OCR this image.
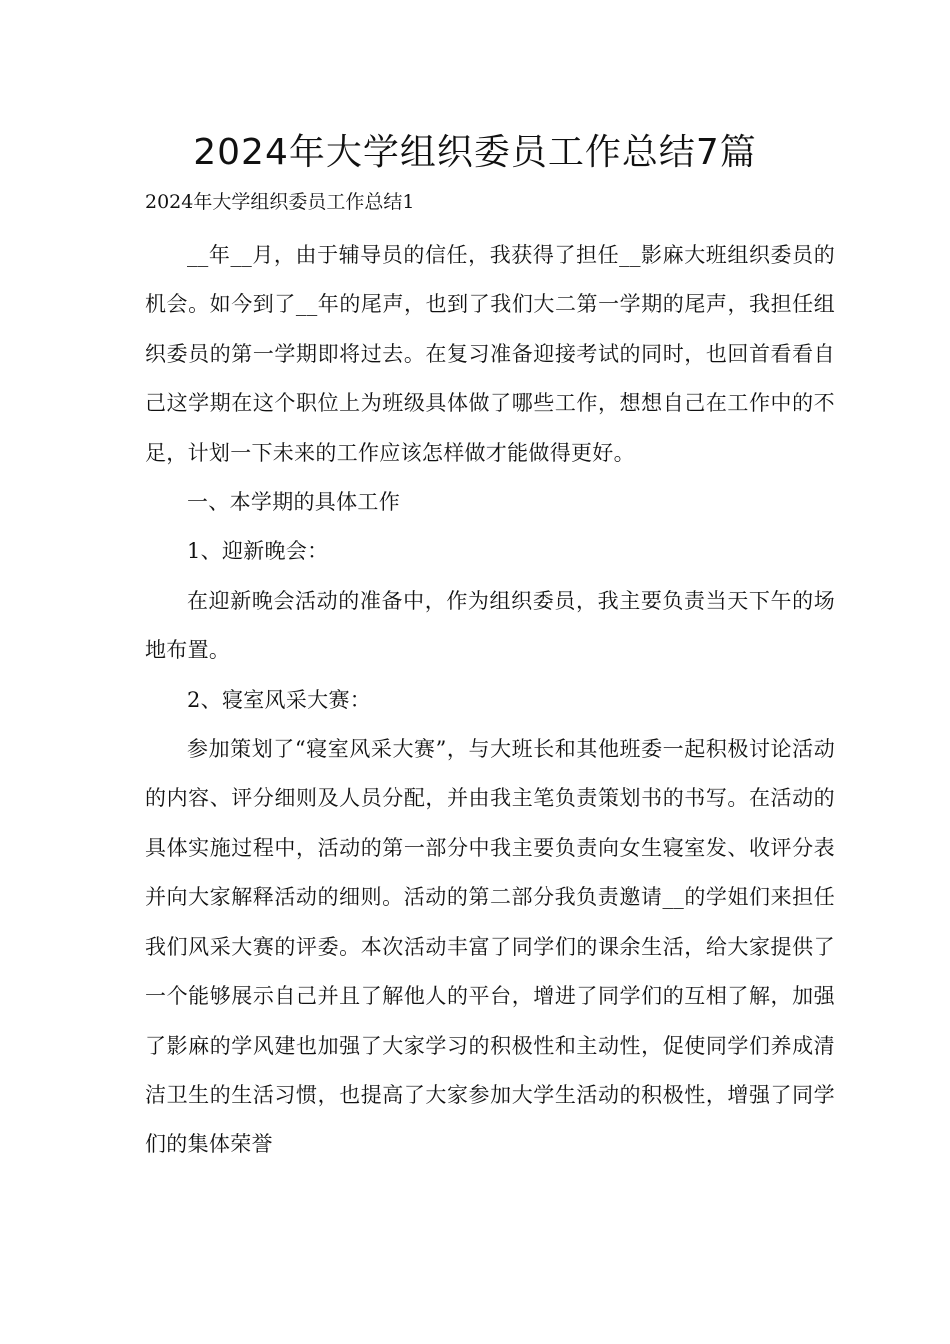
2024年大学组织委员工作总结7篇
2024年大学组织委员工作总结1

__年__月，由于辅导员的信任，我获得了担任__影麻大班组织委员的机会。如今到了__年的尾声，也到了我们大二第一学期的尾声，我担任组织委员的第一学期即将过去。在复习准备迎接考试的同时，也回首看看自己这学期在这个职位上为班级具体做了哪些工作，想想自己在工作中的不足，计划一下未来的工作应该怎样做才能做得更好。

一、本学期的具体工作

1、迎新晚会：

在迎新晚会活动的准备中，作为组织委员，我主要负责当天下午的场地布置。

2、寝室风采大赛：

参加策划了“寝室风采大赛”，与大班长和其他班委一起积极讨论活动的内容、评分细则及人员分配，并由我主笔负责策划书的书写。在活动的具体实施过程中，活动的第一部分中我主要负责向女生寝室发、收评分表并向大家解释活动的细则。活动的第二部分我负责邀请__的学姐们来担任我们风采大赛的评委。本次活动丰富了同学们的课余生活，给大家提供了一个能够展示自己并且了解他人的平台，增进了同学们的互相了解，加强了影麻的学风建也加强了大家学习的积极性和主动性，促使同学们养成清洁卫生的生活习惯，也提高了大家参加大学生活动的积极性，增强了同学们的集体荣誉
